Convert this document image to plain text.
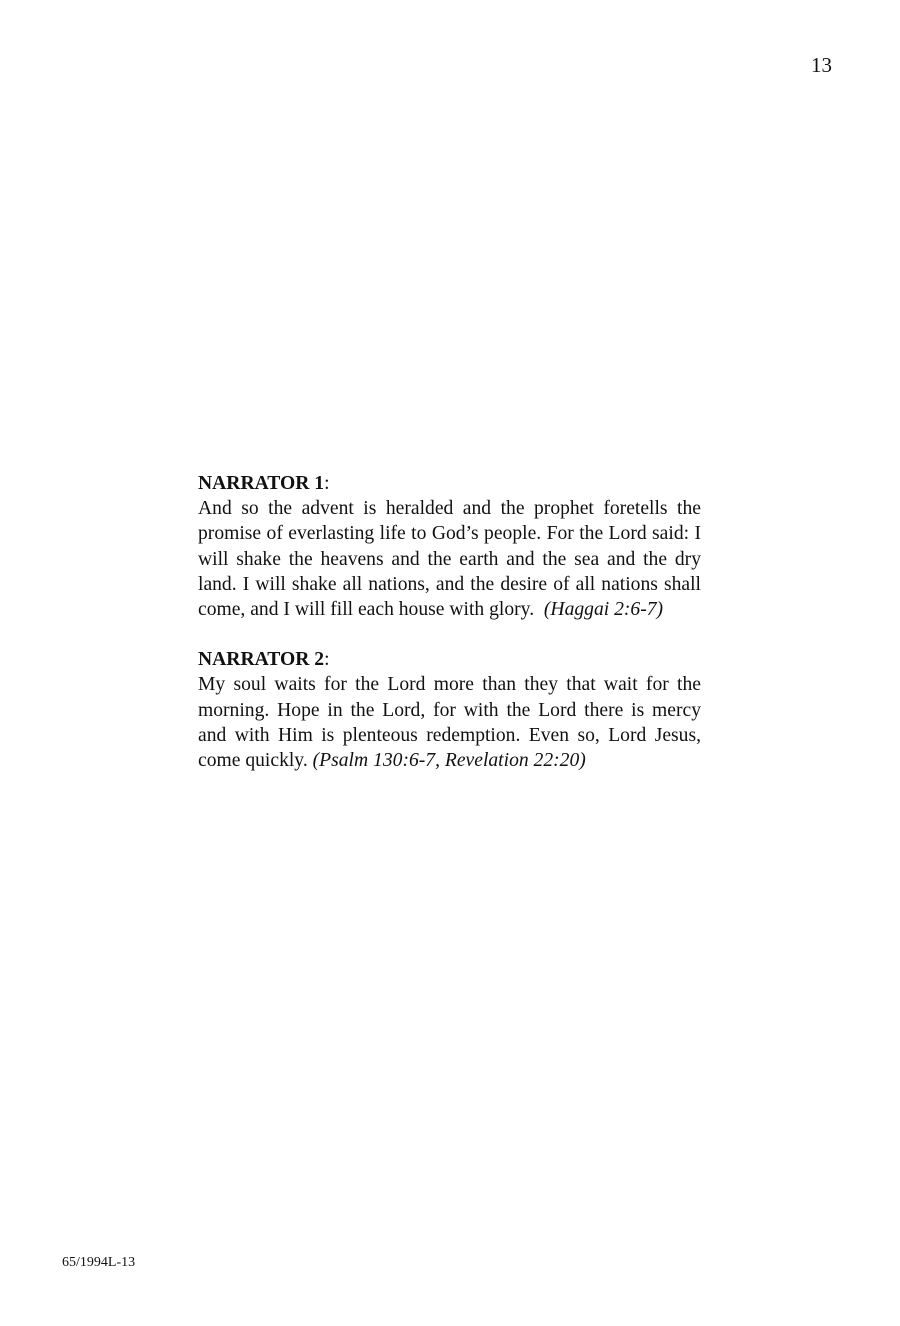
13

NARRATOR 1:

And so the advent is heralded and the prophet foretells the promise of everlasting life to God’s people. For the Lord said: I will shake the heavens and the earth and the sea and the dry land. I will shake all nations, and the desire of all nations shall come, and I will fill each house with glory. (Haggai 2:6-7)

NARRATOR 2:

My soul waits for the Lord more than they that wait for the morning. Hope in the Lord, for with the Lord there is mercy and with Him is plenteous redemption. Even so, Lord Jesus, come quickly. (Psalm 130:6-7, Revelation 22:20)

65/1994L-13
